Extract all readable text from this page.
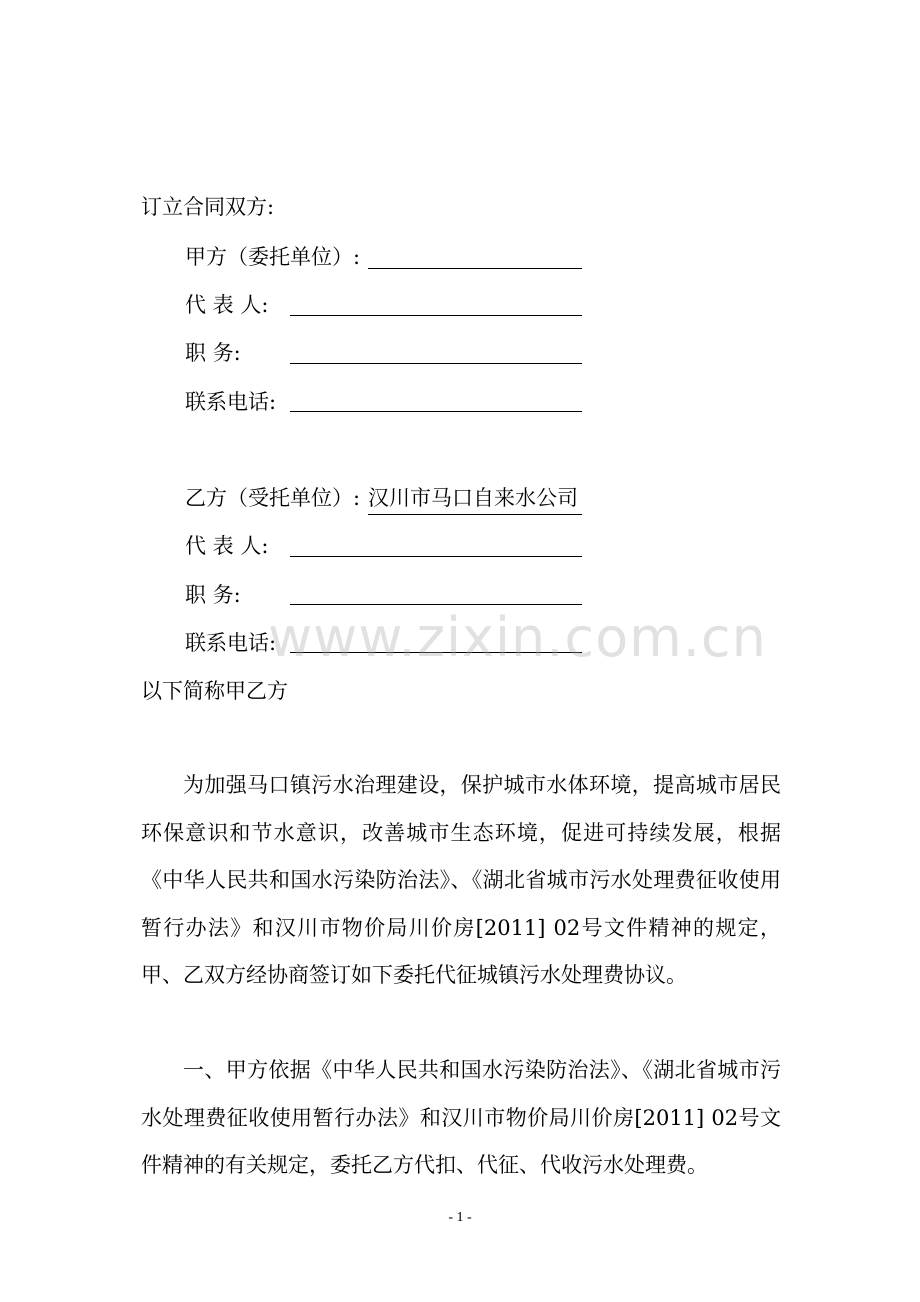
订立合同双方:
甲方（委托单位）:
代 表 人:
职 务:
联系电话:
乙方（受托单位）: 汉川市马口自来水公司
代 表 人:
职 务:
联系电话:
以下简称甲乙方
为加强马口镇污水治理建设，保护城市水体环境，提高城市居民环保意识和节水意识，改善城市生态环境，促进可持续发展，根据《中华人民共和国水污染防治法》、《湖北省城市污水处理费征收使用暂行办法》和汉川市物价局川价房[2011] 02号文件精神的规定，甲、乙双方经协商签订如下委托代征城镇污水处理费协议。
一、甲方依据《中华人民共和国水污染防治法》、《湖北省城市污水处理费征收使用暂行办法》和汉川市物价局川价房[2011] 02号文件精神的有关规定，委托乙方代扣、代征、代收污水处理费。
www.zixin.com.cn
- 1 -
